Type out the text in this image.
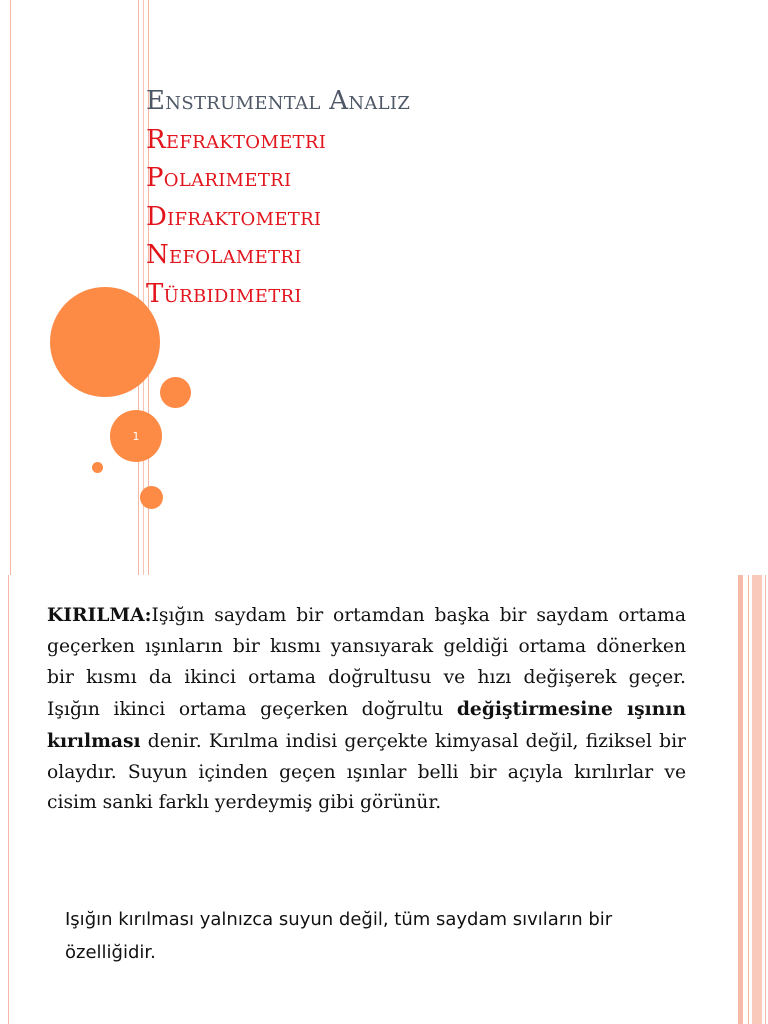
1
Enstrumental Analiz
Refraktometri
Polarimetri
Difraktometri
Nefolametri
Türbidimetri
KIRILMA:Işığın saydam bir ortamdan başka bir saydam ortama geçerken ışınların bir kısmı yansıyarak geldiği ortama dönerken bir kısmı da ikinci ortama doğrultusu ve hızı değişerek geçer. Işığın ikinci ortama geçerken doğrultu değiştirmesine ışının kırılması denir. Kırılma indisi gerçekte kimyasal değil, fiziksel bir olaydır. Suyun içinden geçen ışınlar belli bir açıyla kırılırlar ve cisim sanki farklı yerdeymiş gibi görünür.
Işığın kırılması yalnızca suyun değil, tüm saydam sıvıların bir özelliğidir.
